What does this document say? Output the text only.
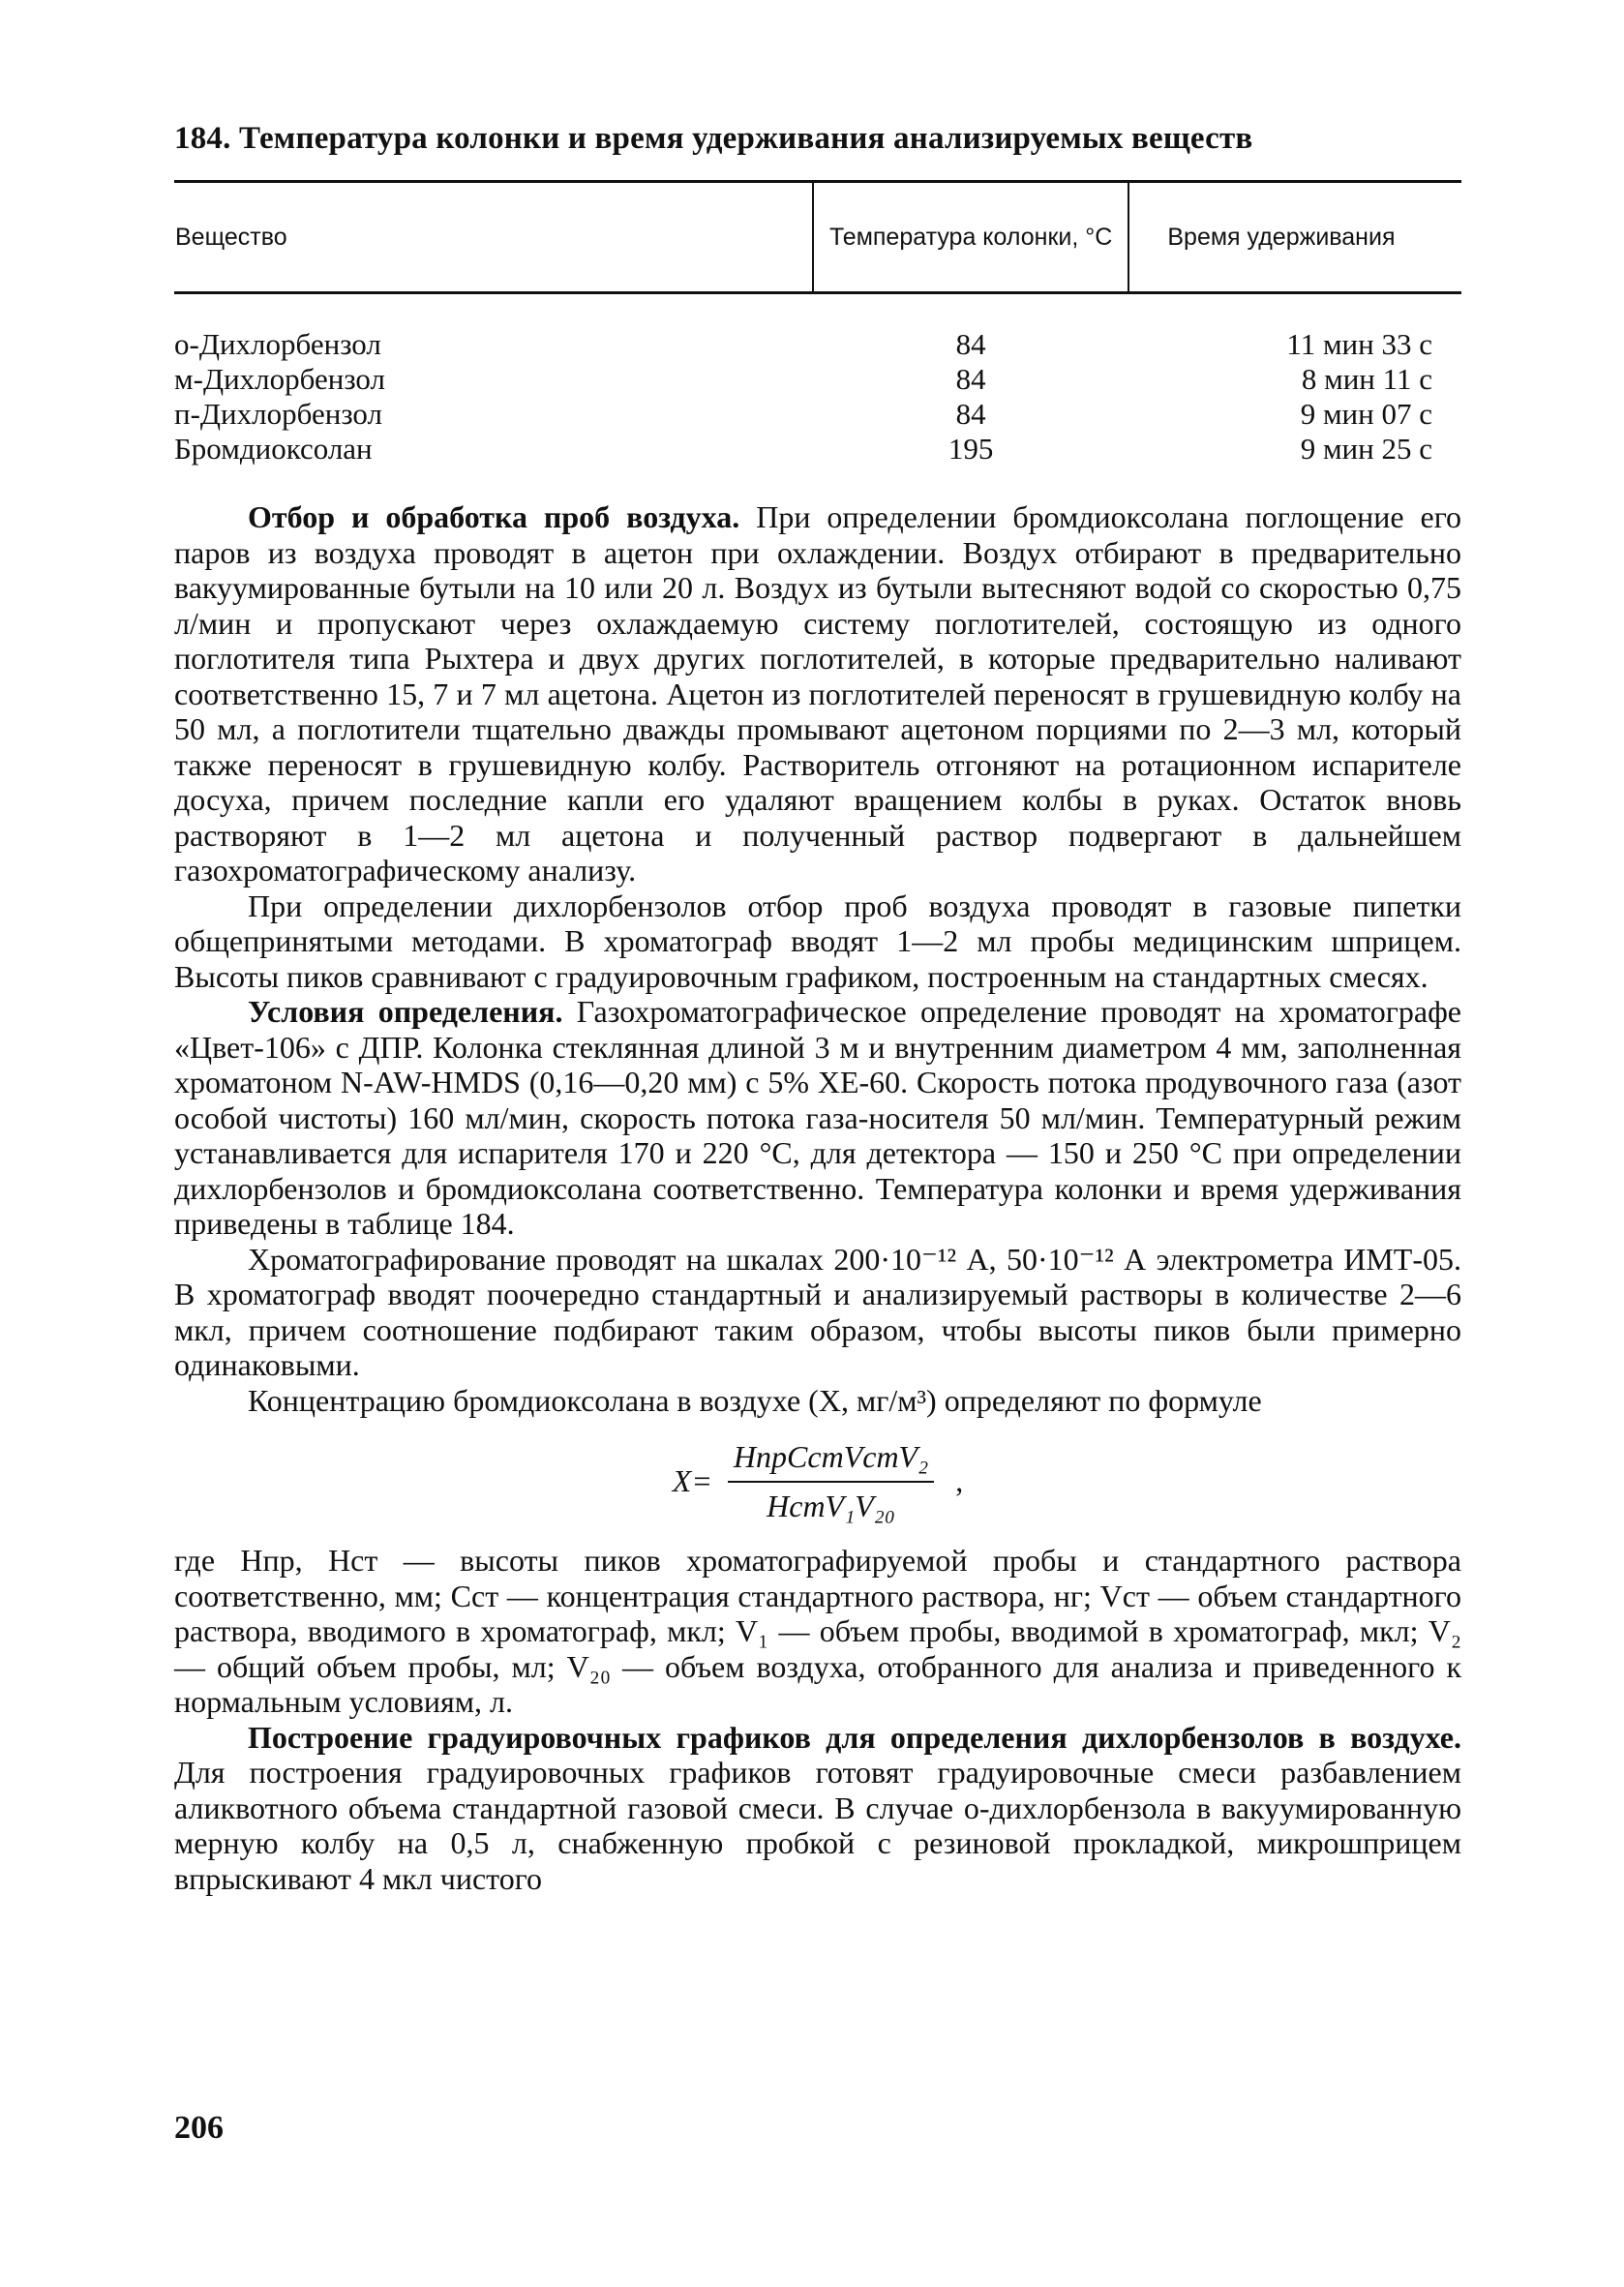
184. Температура колонки и время удерживания анализируемых веществ
Вещество	Температура колонки, °С	Время удерживания
о-Дихлорбензол	84	11 мин 33 с
м-Дихлорбензол	84	8 мин 11 с
п-Дихлорбензол	84	9 мин 07 с
Бромдиоксолан	195	9 мин 25 с

Отбор и обработка проб воздуха. При определении бромдиоксолана поглощение его паров из воздуха проводят в ацетон при охлаждении. Воздух отбирают в предварительно вакуумированные бутыли на 10 или 20 л. Воздух из бутыли вытесняют водой со скоростью 0,75 л/мин и пропускают через охлаждаемую систему поглотителей, состоящую из одного поглотителя типа Рыхтера и двух других поглотителей, в которые предварительно наливают соответственно 15, 7 и 7 мл ацетона. Ацетон из поглотителей переносят в грушевидную колбу на 50 мл, а поглотители тщательно дважды промывают ацетоном порциями по 2—3 мл, который также переносят в грушевидную колбу. Растворитель отгоняют на ротационном испарителе досуха, причем последние капли его удаляют вращением колбы в руках. Остаток вновь растворяют в 1—2 мл ацетона и полученный раствор подвергают в дальнейшем газохроматографическому анализу.

При определении дихлорбензолов отбор проб воздуха проводят в газовые пипетки общепринятыми методами. В хроматограф вводят 1—2 мл пробы медицинским шприцем. Высоты пиков сравнивают с градуировочным графиком, построенным на стандартных смесях.

Условия определения. Газохроматографическое определение проводят на хроматографе «Цвет-106» с ДПР. Колонка стеклянная длиной 3 м и внутренним диаметром 4 мм, заполненная хроматоном N-AW-HMDS (0,16—0,20 мм) с 5% XE-60. Скорость потока продувочного газа (азот особой чистоты) 160 мл/мин, скорость потока газа-носителя 50 мл/мин. Температурный режим устанавливается для испарителя 170 и 220 °С, для детектора — 150 и 250 °С при определении дихлорбензолов и бромдиоксолана соответственно. Температура колонки и время удерживания приведены в таблице 184.

Хроматографирование проводят на шкалах 200·10⁻¹² А, 50·10⁻¹² А электрометра ИМТ-05. В хроматограф вводят поочередно стандартный и анализируемый растворы в количестве 2—6 мкл, причем соотношение подбирают таким образом, чтобы высоты пиков были примерно одинаковыми.

Концентрацию бромдиоксолана в воздухе (X, мг/м³) определяют по формуле

$X= \frac{\text{HпрCстVстV₂}}{\text{HстV₁V₂₀}}$ ,

где Hпр, Hст — высоты пиков хроматографируемой пробы и стандартного раствора соответственно, мм; Cст — концентрация стандартного раствора, нг; Vст — объем стандартного раствора, вводимого в хроматограф, мкл; V₁ — объем пробы, вводимой в хроматограф, мкл; V₂ — общий объем пробы, мл; V₂₀ — объем воздуха, отобранного для анализа и приведенного к нормальным условиям, л.

Построение градуировочных графиков для определения дихлорбензолов в воздухе. Для построения градуировочных графиков готовят градуировочные смеси разбавлением аликвотного объема стандартной газовой смеси. В случае о-дихлорбензола в вакуумированную мерную колбу на 0,5 л, снабженную пробкой с резиновой прокладкой, микрошприцем впрыскивают 4 мкл чистого

206
